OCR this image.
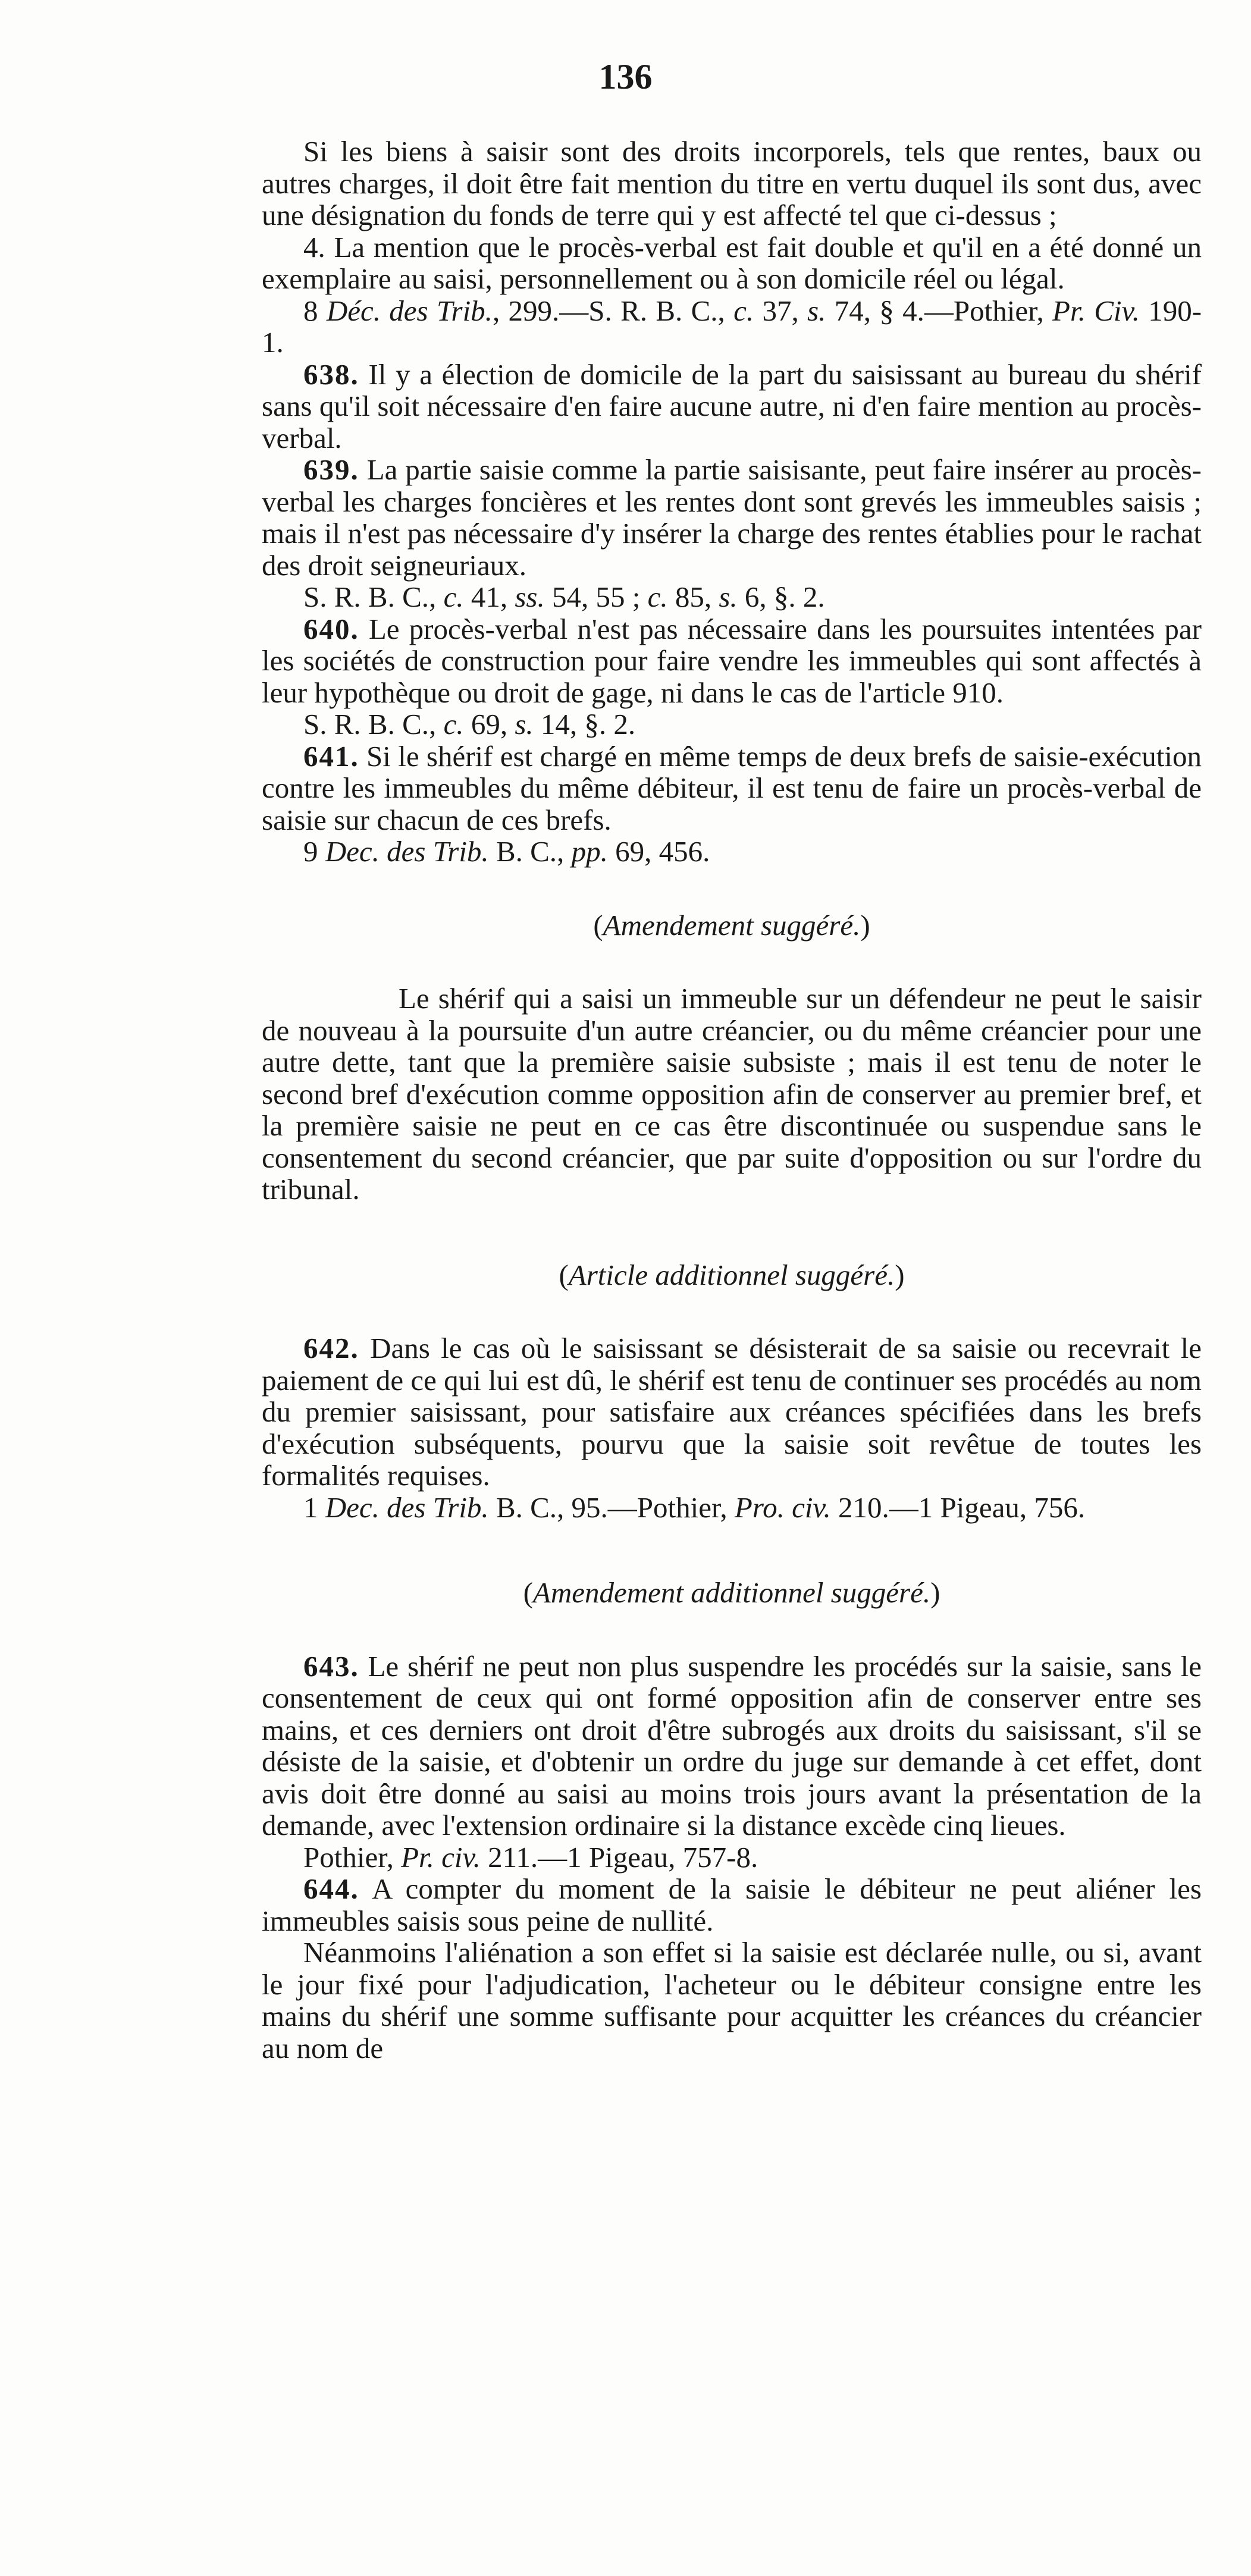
136

Si les biens à saisir sont des droits incorporels, tels que rentes, baux ou autres charges, il doit être fait mention du titre en vertu duquel ils sont dus, avec une désignation du fonds de terre qui y est affecté tel que ci-dessus ;

4. La mention que le procès-verbal est fait double et qu'il en a été donné un exemplaire au saisi, personnellement ou à son domicile réel ou légal.

8 Déc. des Trib., 299.—S. R. B. C., c. 37, s. 74, § 4.—Pothier, Pr. Civ. 190-1.

638. Il y a élection de domicile de la part du saisissant au bureau du shérif sans qu'il soit nécessaire d'en faire aucune autre, ni d'en faire mention au procès-verbal.

639. La partie saisie comme la partie saisisante, peut faire insérer au procès-verbal les charges foncières et les rentes dont sont grevés les immeubles saisis ; mais il n'est pas nécessaire d'y insérer la charge des rentes établies pour le rachat des droit seigneuriaux.

S. R. B. C., c. 41, ss. 54, 55 ; c. 85, s. 6, §. 2.

640. Le procès-verbal n'est pas nécessaire dans les poursuites intentées par les sociétés de construction pour faire vendre les immeubles qui sont affectés à leur hypothèque ou droit de gage, ni dans le cas de l'article 910.

S. R. B. C., c. 69, s. 14, §. 2.

641. Si le shérif est chargé en même temps de deux brefs de saisie-exécution contre les immeubles du même débiteur, il est tenu de faire un procès-verbal de saisie sur chacun de ces brefs.

9 Dec. des Trib. B. C., pp. 69, 456.

(Amendement suggéré.)

Le shérif qui a saisi un immeuble sur un défendeur ne peut le saisir de nouveau à la poursuite d'un autre créancier, ou du même créancier pour une autre dette, tant que la première saisie subsiste ; mais il est tenu de noter le second bref d'exécution comme opposition afin de conserver au premier bref, et la première saisie ne peut en ce cas être discontinuée ou suspendue sans le consentement du second créancier, que par suite d'opposition ou sur l'ordre du tribunal.

(Article additionnel suggéré.)

642. Dans le cas où le saisissant se désisterait de sa saisie ou recevrait le paiement de ce qui lui est dû, le shérif est tenu de continuer ses procédés au nom du premier saisissant, pour satisfaire aux créances spécifiées dans les brefs d'exécution subséquents, pourvu que la saisie soit revêtue de toutes les formalités requises.

1 Dec. des Trib. B. C., 95.—Pothier, Pro. civ. 210.—1 Pigeau, 756.

(Amendement additionnel suggéré.)

643. Le shérif ne peut non plus suspendre les procédés sur la saisie, sans le consentement de ceux qui ont formé opposition afin de conserver entre ses mains, et ces derniers ont droit d'être subrogés aux droits du saisissant, s'il se désiste de la saisie, et d'obtenir un ordre du juge sur demande à cet effet, dont avis doit être donné au saisi au moins trois jours avant la présentation de la demande, avec l'extension ordinaire si la distance excède cinq lieues.

Pothier, Pr. civ. 211.—1 Pigeau, 757-8.

644. A compter du moment de la saisie le débiteur ne peut aliéner les immeubles saisis sous peine de nullité.

Néanmoins l'aliénation a son effet si la saisie est déclarée nulle, ou si, avant le jour fixé pour l'adjudication, l'acheteur ou le débiteur consigne entre les mains du shérif une somme suffisante pour acquitter les créances du créancier au nom de
